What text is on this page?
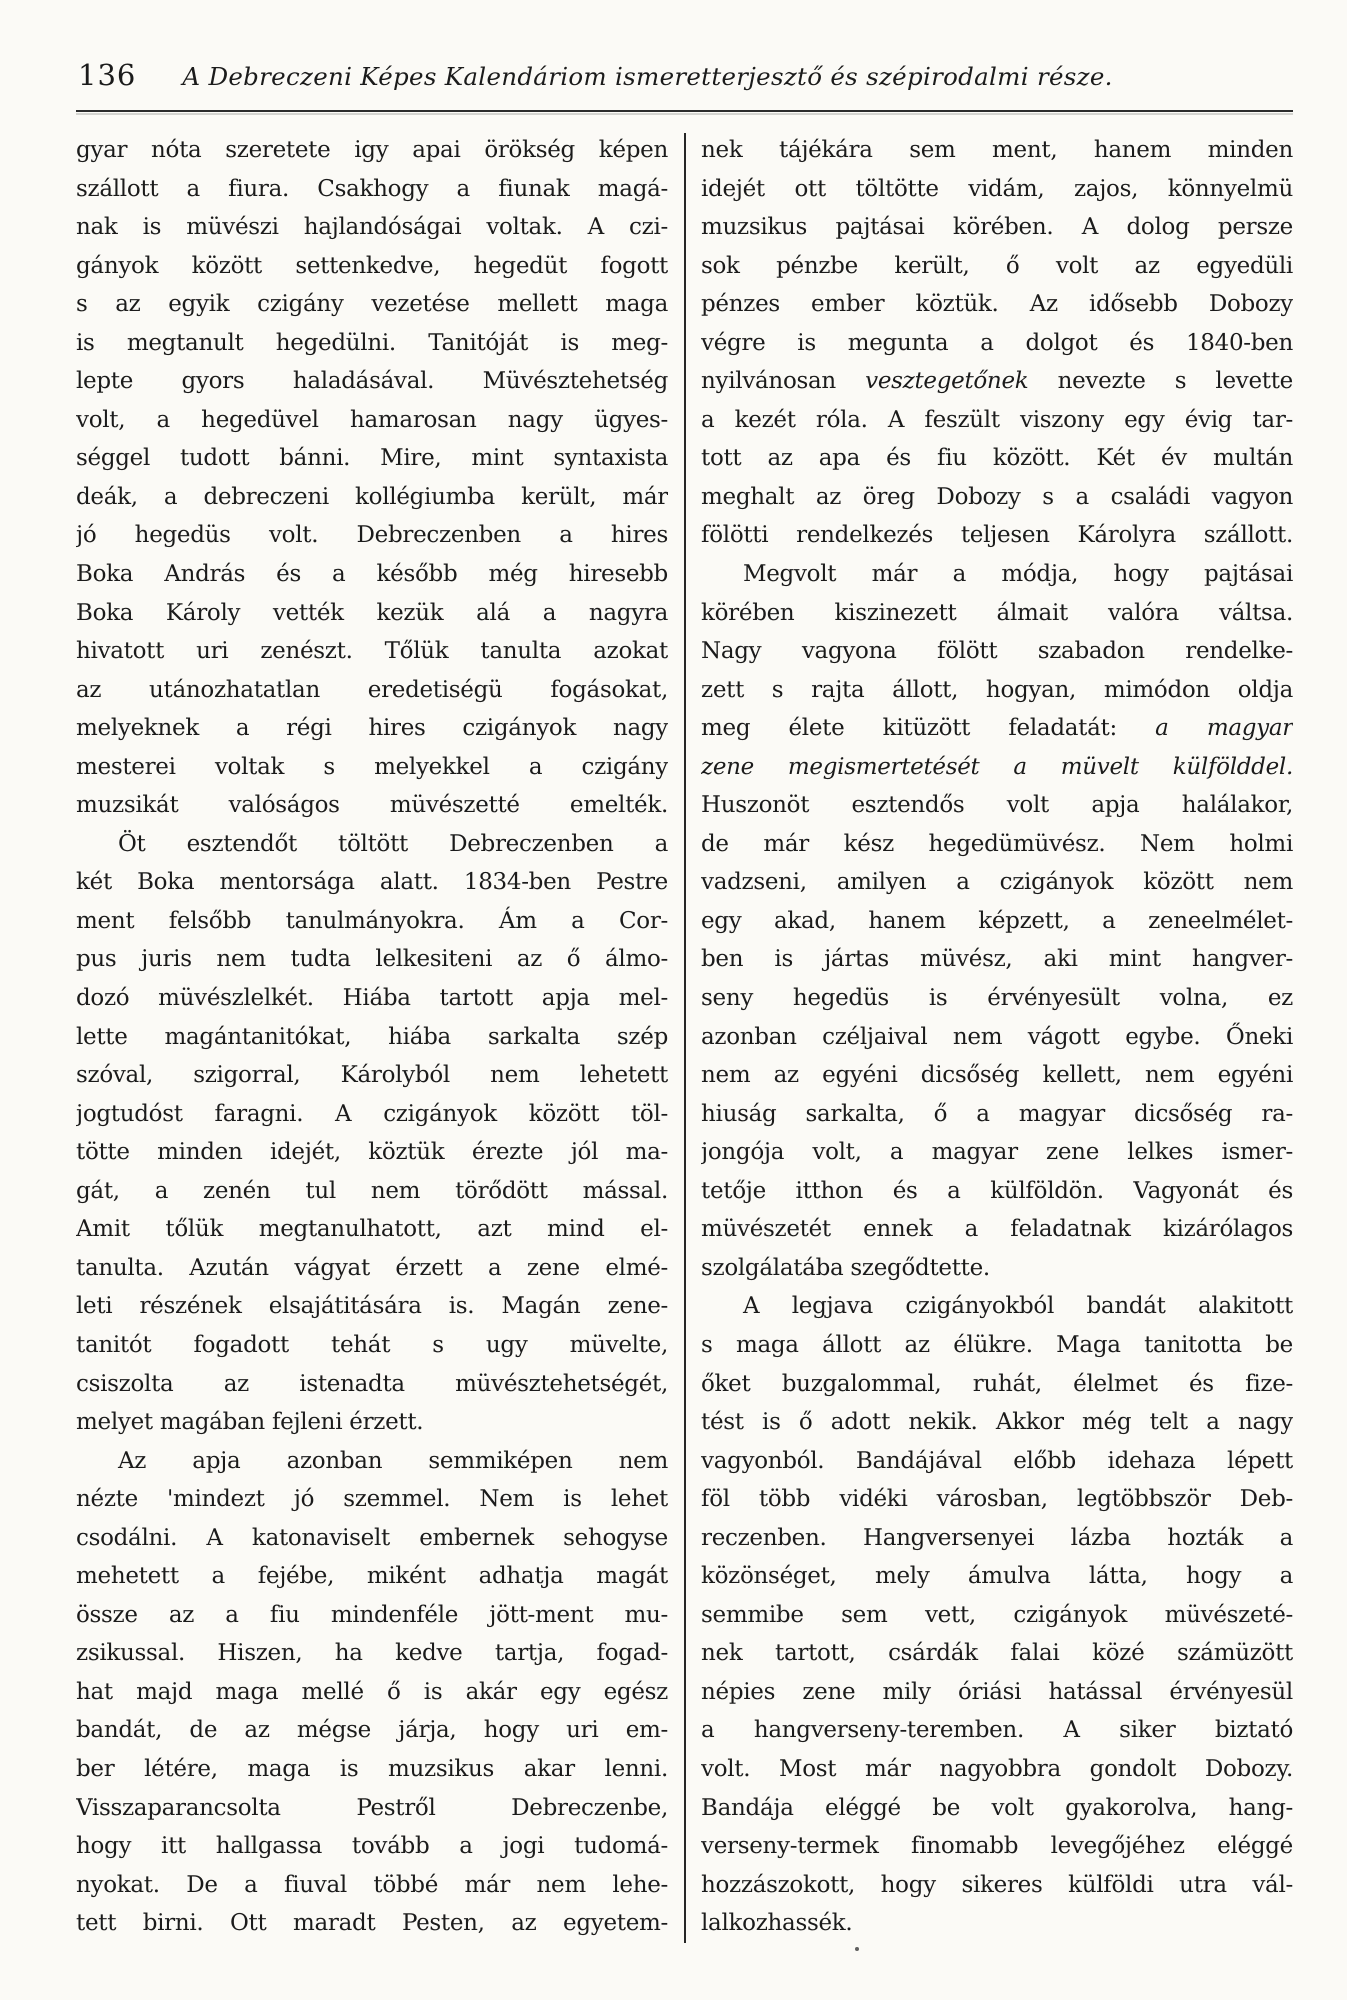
136 A Debreczeni Képes Kalendáriom ismeretterjesztő és szépirodalmi része.
gyar nóta szeretete igy apai örökség képen
szállott a fiura. Csakhogy a fiunak magá-
nak is müvészi hajlandóságai voltak. A czi-
gányok között settenkedve, hegedüt fogott
s az egyik czigány vezetése mellett maga
is megtanult hegedülni. Tanitóját is meg-
lepte gyors haladásával. Müvésztehetség
volt, a hegedüvel hamarosan nagy ügyes-
séggel tudott bánni. Mire, mint syntaxista
deák, a debreczeni kollégiumba került, már
jó hegedüs volt. Debreczenben a hires
Boka András és a később még hiresebb
Boka Károly vették kezük alá a nagyra
hivatott uri zenészt. Tőlük tanulta azokat
az utánozhatatlan eredetiségü fogásokat,
melyeknek a régi hires czigányok nagy
mesterei voltak s melyekkel a czigány
muzsikát valóságos müvészetté emelték.
Öt esztendőt töltött Debreczenben a
két Boka mentorsága alatt. 1834-ben Pestre
ment felsőbb tanulmányokra. Ám a Cor-
pus juris nem tudta lelkesiteni az ő álmo-
dozó müvészlelkét. Hiába tartott apja mel-
lette magántanitókat, hiába sarkalta szép
szóval, szigorral, Károlyból nem lehetett
jogtudóst faragni. A czigányok között töl-
tötte minden idejét, köztük érezte jól ma-
gát, a zenén tul nem törődött mással.
Amit tőlük megtanulhatott, azt mind el-
tanulta. Azután vágyat érzett a zene elmé-
leti részének elsajátitására is. Magán zene-
tanitót fogadott tehát s ugy müvelte,
csiszolta az istenadta müvésztehetségét,
melyet magában fejleni érzett.
Az apja azonban semmiképen nem
nézte 'mindezt jó szemmel. Nem is lehet
csodálni. A katonaviselt embernek sehogyse
mehetett a fejébe, miként adhatja magát
össze az a fiu mindenféle jött-ment mu-
zsikussal. Hiszen, ha kedve tartja, fogad-
hat majd maga mellé ő is akár egy egész
bandát, de az mégse járja, hogy uri em-
ber létére, maga is muzsikus akar lenni.
Visszaparancsolta Pestről Debreczenbe,
hogy itt hallgassa tovább a jogi tudomá-
nyokat. De a fiuval többé már nem lehe-
tett birni. Ott maradt Pesten, az egyetem-
nek tájékára sem ment, hanem minden
idejét ott töltötte vidám, zajos, könnyelmü
muzsikus pajtásai körében. A dolog persze
sok pénzbe került, ő volt az egyedüli
pénzes ember köztük. Az idősebb Dobozy
végre is megunta a dolgot és 1840-ben
nyilvánosan vesztegetőnek nevezte s levette
a kezét róla. A feszült viszony egy évig tar-
tott az apa és fiu között. Két év multán
meghalt az öreg Dobozy s a családi vagyon
fölötti rendelkezés teljesen Károlyra szállott.
Megvolt már a módja, hogy pajtásai
körében kiszinezett álmait valóra váltsa.
Nagy vagyona fölött szabadon rendelke-
zett s rajta állott, hogyan, mimódon oldja
meg élete kitüzött feladatát: a magyar
zene megismertetését a müvelt külfölddel.
Huszonöt esztendős volt apja halálakor,
de már kész hegedümüvész. Nem holmi
vadzseni, amilyen a czigányok között nem
egy akad, hanem képzett, a zeneelmélet-
ben is jártas müvész, aki mint hangver-
seny hegedüs is érvényesült volna, ez
azonban czéljaival nem vágott egybe. Őneki
nem az egyéni dicsőség kellett, nem egyéni
hiuság sarkalta, ő a magyar dicsőség ra-
jongója volt, a magyar zene lelkes ismer-
tetője itthon és a külföldön. Vagyonát és
müvészetét ennek a feladatnak kizárólagos
szolgálatába szegődtette.
A legjava czigányokból bandát alakitott
s maga állott az élükre. Maga tanitotta be
őket buzgalommal, ruhát, élelmet és fize-
tést is ő adott nekik. Akkor még telt a nagy
vagyonból. Bandájával előbb idehaza lépett
föl több vidéki városban, legtöbbször Deb-
reczenben. Hangversenyei lázba hozták a
közönséget, mely ámulva látta, hogy a
semmibe sem vett, czigányok müvészeté-
nek tartott, csárdák falai közé számüzött
népies zene mily óriási hatással érvényesül
a hangverseny-teremben. A siker biztató
volt. Most már nagyobbra gondolt Dobozy.
Bandája eléggé be volt gyakorolva, hang-
verseny-termek finomabb levegőjéhez eléggé
hozzászokott, hogy sikeres külföldi utra vál-
lalkozhassék.
